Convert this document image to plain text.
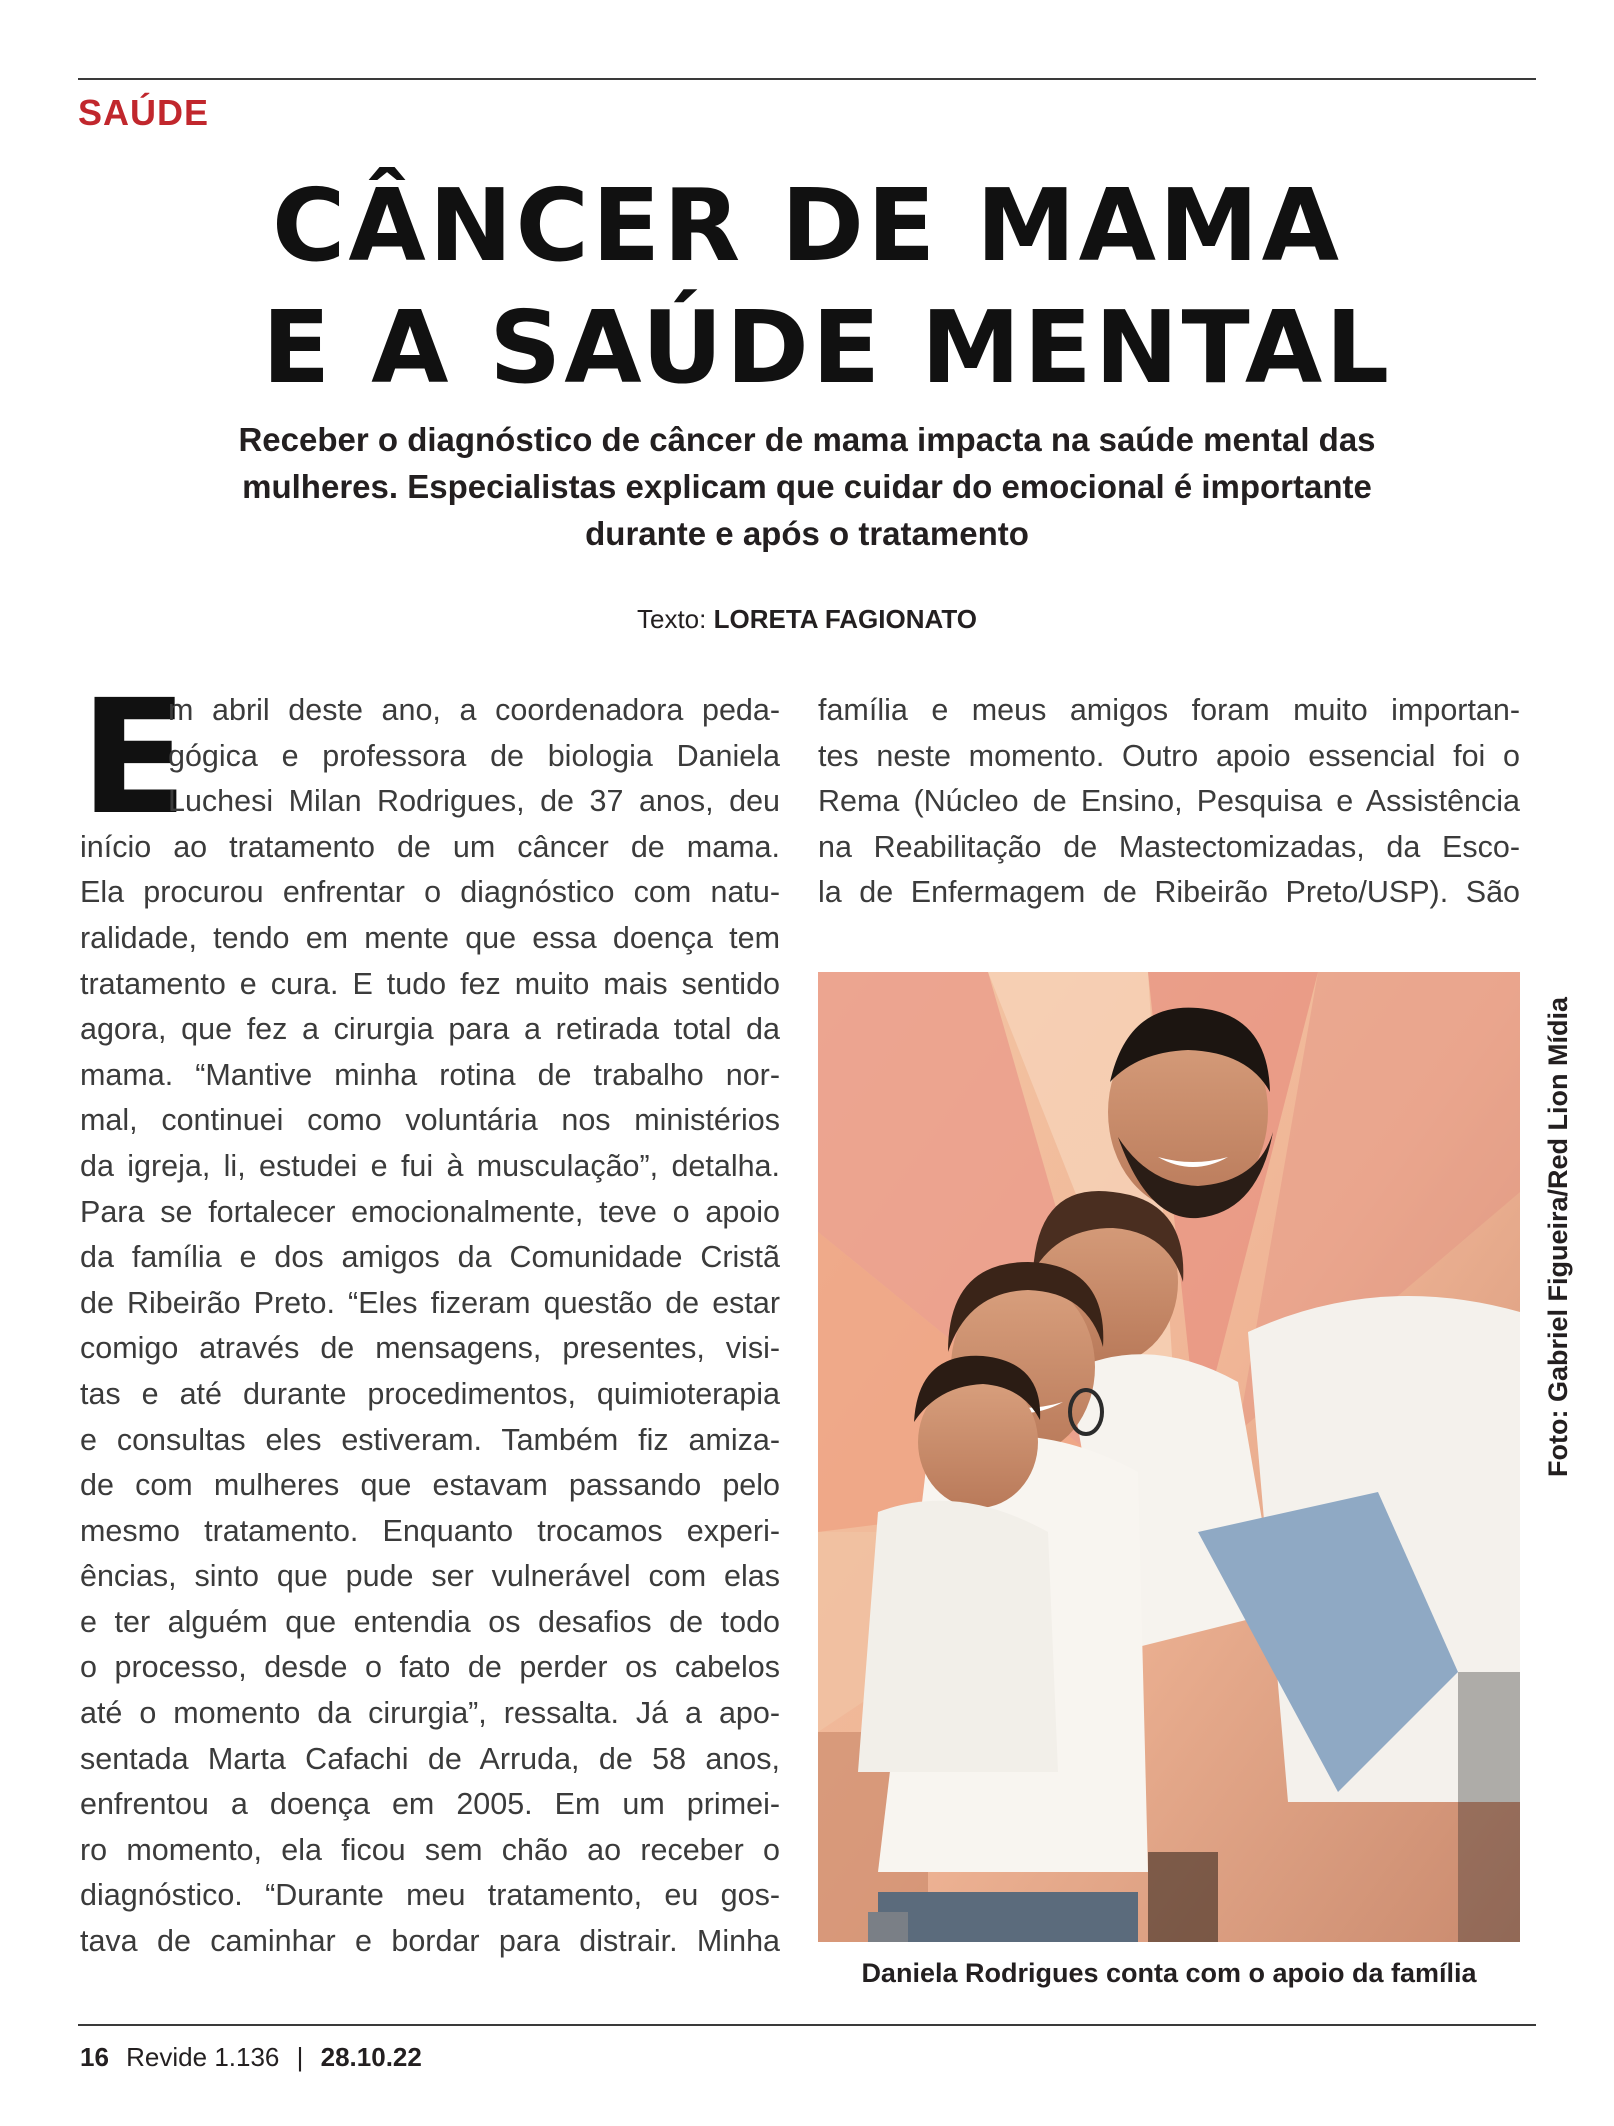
SAÚDE
CÂNCER DE MAMA
E A SAÚDE MENTAL
Receber o diagnóstico de câncer de mama impacta na saúde mental das mulheres. Especialistas explicam que cuidar do emocional é importante durante e após o tratamento
Texto: LORETA FAGIONATO
E
m abril deste ano, a coordenadora peda-
gógica e professora de biologia Daniela
Luchesi Milan Rodrigues, de 37 anos, deu
início ao tratamento de um câncer de mama.
Ela procurou enfrentar o diagnóstico com natu-
ralidade, tendo em mente que essa doença tem
tratamento e cura. E tudo fez muito mais sentido
agora, que fez a cirurgia para a retirada total da
mama. “Mantive minha rotina de trabalho nor-
mal, continuei como voluntária nos ministérios
da igreja, li, estudei e fui à musculação”, detalha.
Para se fortalecer emocionalmente, teve o apoio
da família e dos amigos da Comunidade Cristã
de Ribeirão Preto. “Eles fizeram questão de estar
comigo através de mensagens, presentes, visi-
tas e até durante procedimentos, quimioterapia
e consultas eles estiveram. Também fiz amiza-
de com mulheres que estavam passando pelo
mesmo tratamento. Enquanto trocamos experi-
ências, sinto que pude ser vulnerável com elas
e ter alguém que entendia os desafios de todo
o processo, desde o fato de perder os cabelos
até o momento da cirurgia”, ressalta. Já a apo-
sentada Marta Cafachi de Arruda, de 58 anos,
enfrentou a doença em 2005. Em um primei-
ro momento, ela ficou sem chão ao receber o
diagnóstico. “Durante meu tratamento, eu gos-
tava de caminhar e bordar para distrair. Minha
família e meus amigos foram muito importan-
tes neste momento. Outro apoio essencial foi o
Rema (Núcleo de Ensino, Pesquisa e Assistência
na Reabilitação de Mastectomizadas, da Esco-
la de Enfermagem de Ribeirão Preto/USP). São
Foto: Gabriel Figueira/Red Lion Mídia
Daniela Rodrigues conta com o apoio da família
16 Revide 1.136 | 28.10.22
